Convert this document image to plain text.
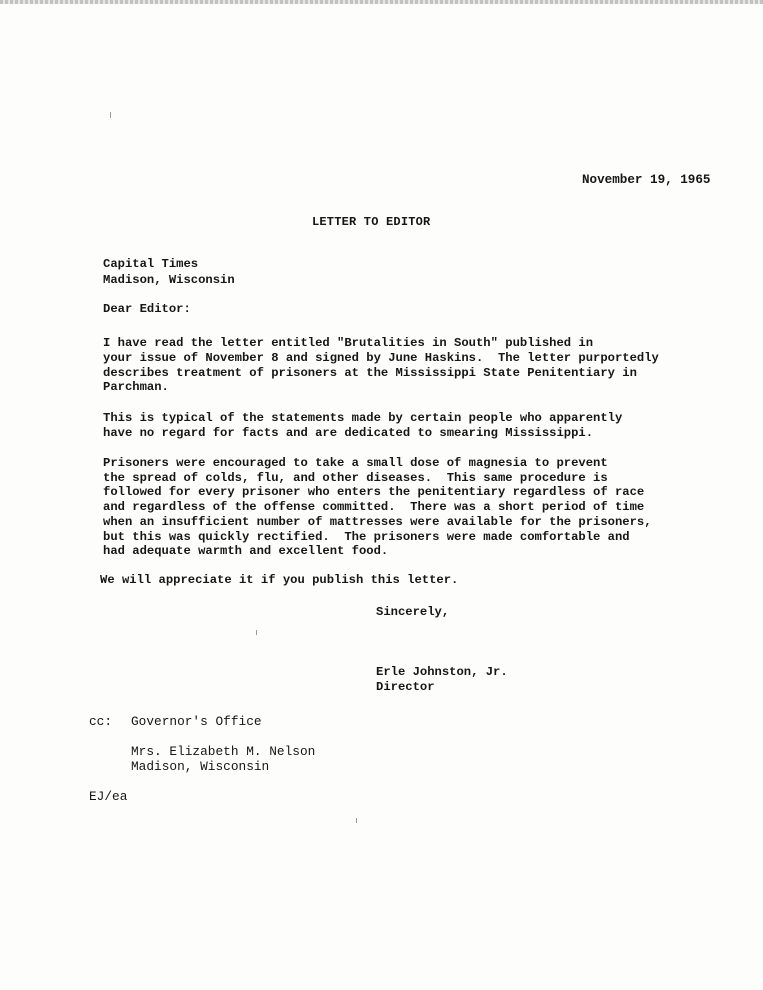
November 19, 1965
LETTER TO EDITOR
Capital Times
Madison, Wisconsin
Dear Editor:
I have read the letter entitled "Brutalities in South" published in
your issue of November 8 and signed by June Haskins.  The letter purportedly
describes treatment of prisoners at the Mississippi State Penitentiary in
Parchman.
This is typical of the statements made by certain people who apparently
have no regard for facts and are dedicated to smearing Mississippi.
Prisoners were encouraged to take a small dose of magnesia to prevent
the spread of colds, flu, and other diseases.  This same procedure is
followed for every prisoner who enters the penitentiary regardless of race
and regardless of the offense committed.  There was a short period of time
when an insufficient number of mattresses were available for the prisoners,
but this was quickly rectified.  The prisoners were made comfortable and
had adequate warmth and excellent food.
We will appreciate it if you publish this letter.
Sincerely,
Erle Johnston, Jr.
Director
cc: Governor's Office
Mrs. Elizabeth M. Nelson
Madison, Wisconsin
EJ/ea
